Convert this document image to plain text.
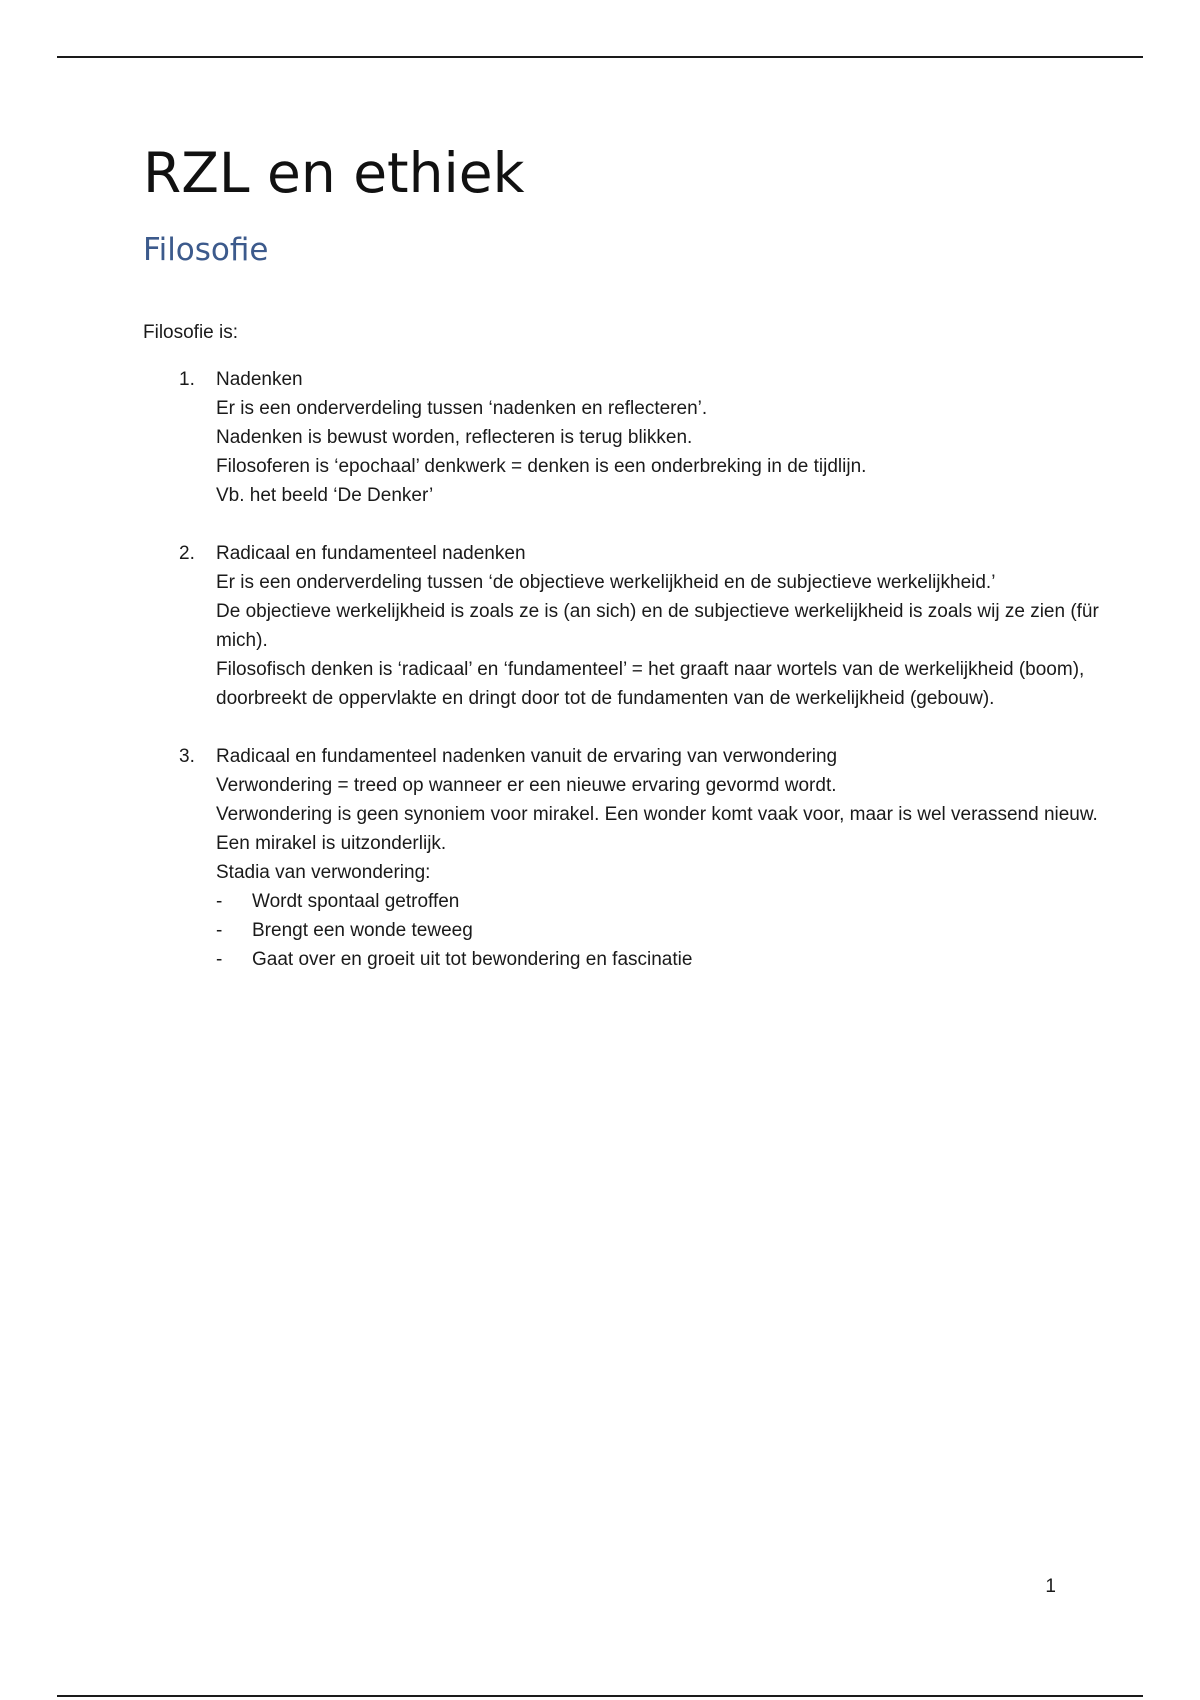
RZL en ethiek
Filosofie

Filosofie is:

1. Nadenken
Er is een onderverdeling tussen ‘nadenken en reflecteren’.
Nadenken is bewust worden, reflecteren is terug blikken.
Filosoferen is ‘epochaal’ denkwerk = denken is een onderbreking in de tijdlijn.
Vb. het beeld ‘De Denker’
2. Radicaal en fundamenteel nadenken
Er is een onderverdeling tussen ‘de objectieve werkelijkheid en de subjectieve werkelijkheid.’
De objectieve werkelijkheid is zoals ze is (an sich) en de subjectieve werkelijkheid is zoals wij ze zien (für mich).
Filosofisch denken is ‘radicaal’ en ‘fundamenteel’ = het graaft naar wortels van de werkelijkheid (boom), doorbreekt de oppervlakte en dringt door tot de fundamenten van de werkelijkheid (gebouw).
3. Radicaal en fundamenteel nadenken vanuit de ervaring van verwondering
Verwondering = treed op wanneer er een nieuwe ervaring gevormd wordt.
Verwondering is geen synoniem voor mirakel. Een wonder komt vaak voor, maar is wel verassend nieuw. Een mirakel is uitzonderlijk.
Stadia van verwondering:
- Wordt spontaal getroffen
- Brengt een wonde teweeg
- Gaat over en groeit uit tot bewondering en fascinatie
1
